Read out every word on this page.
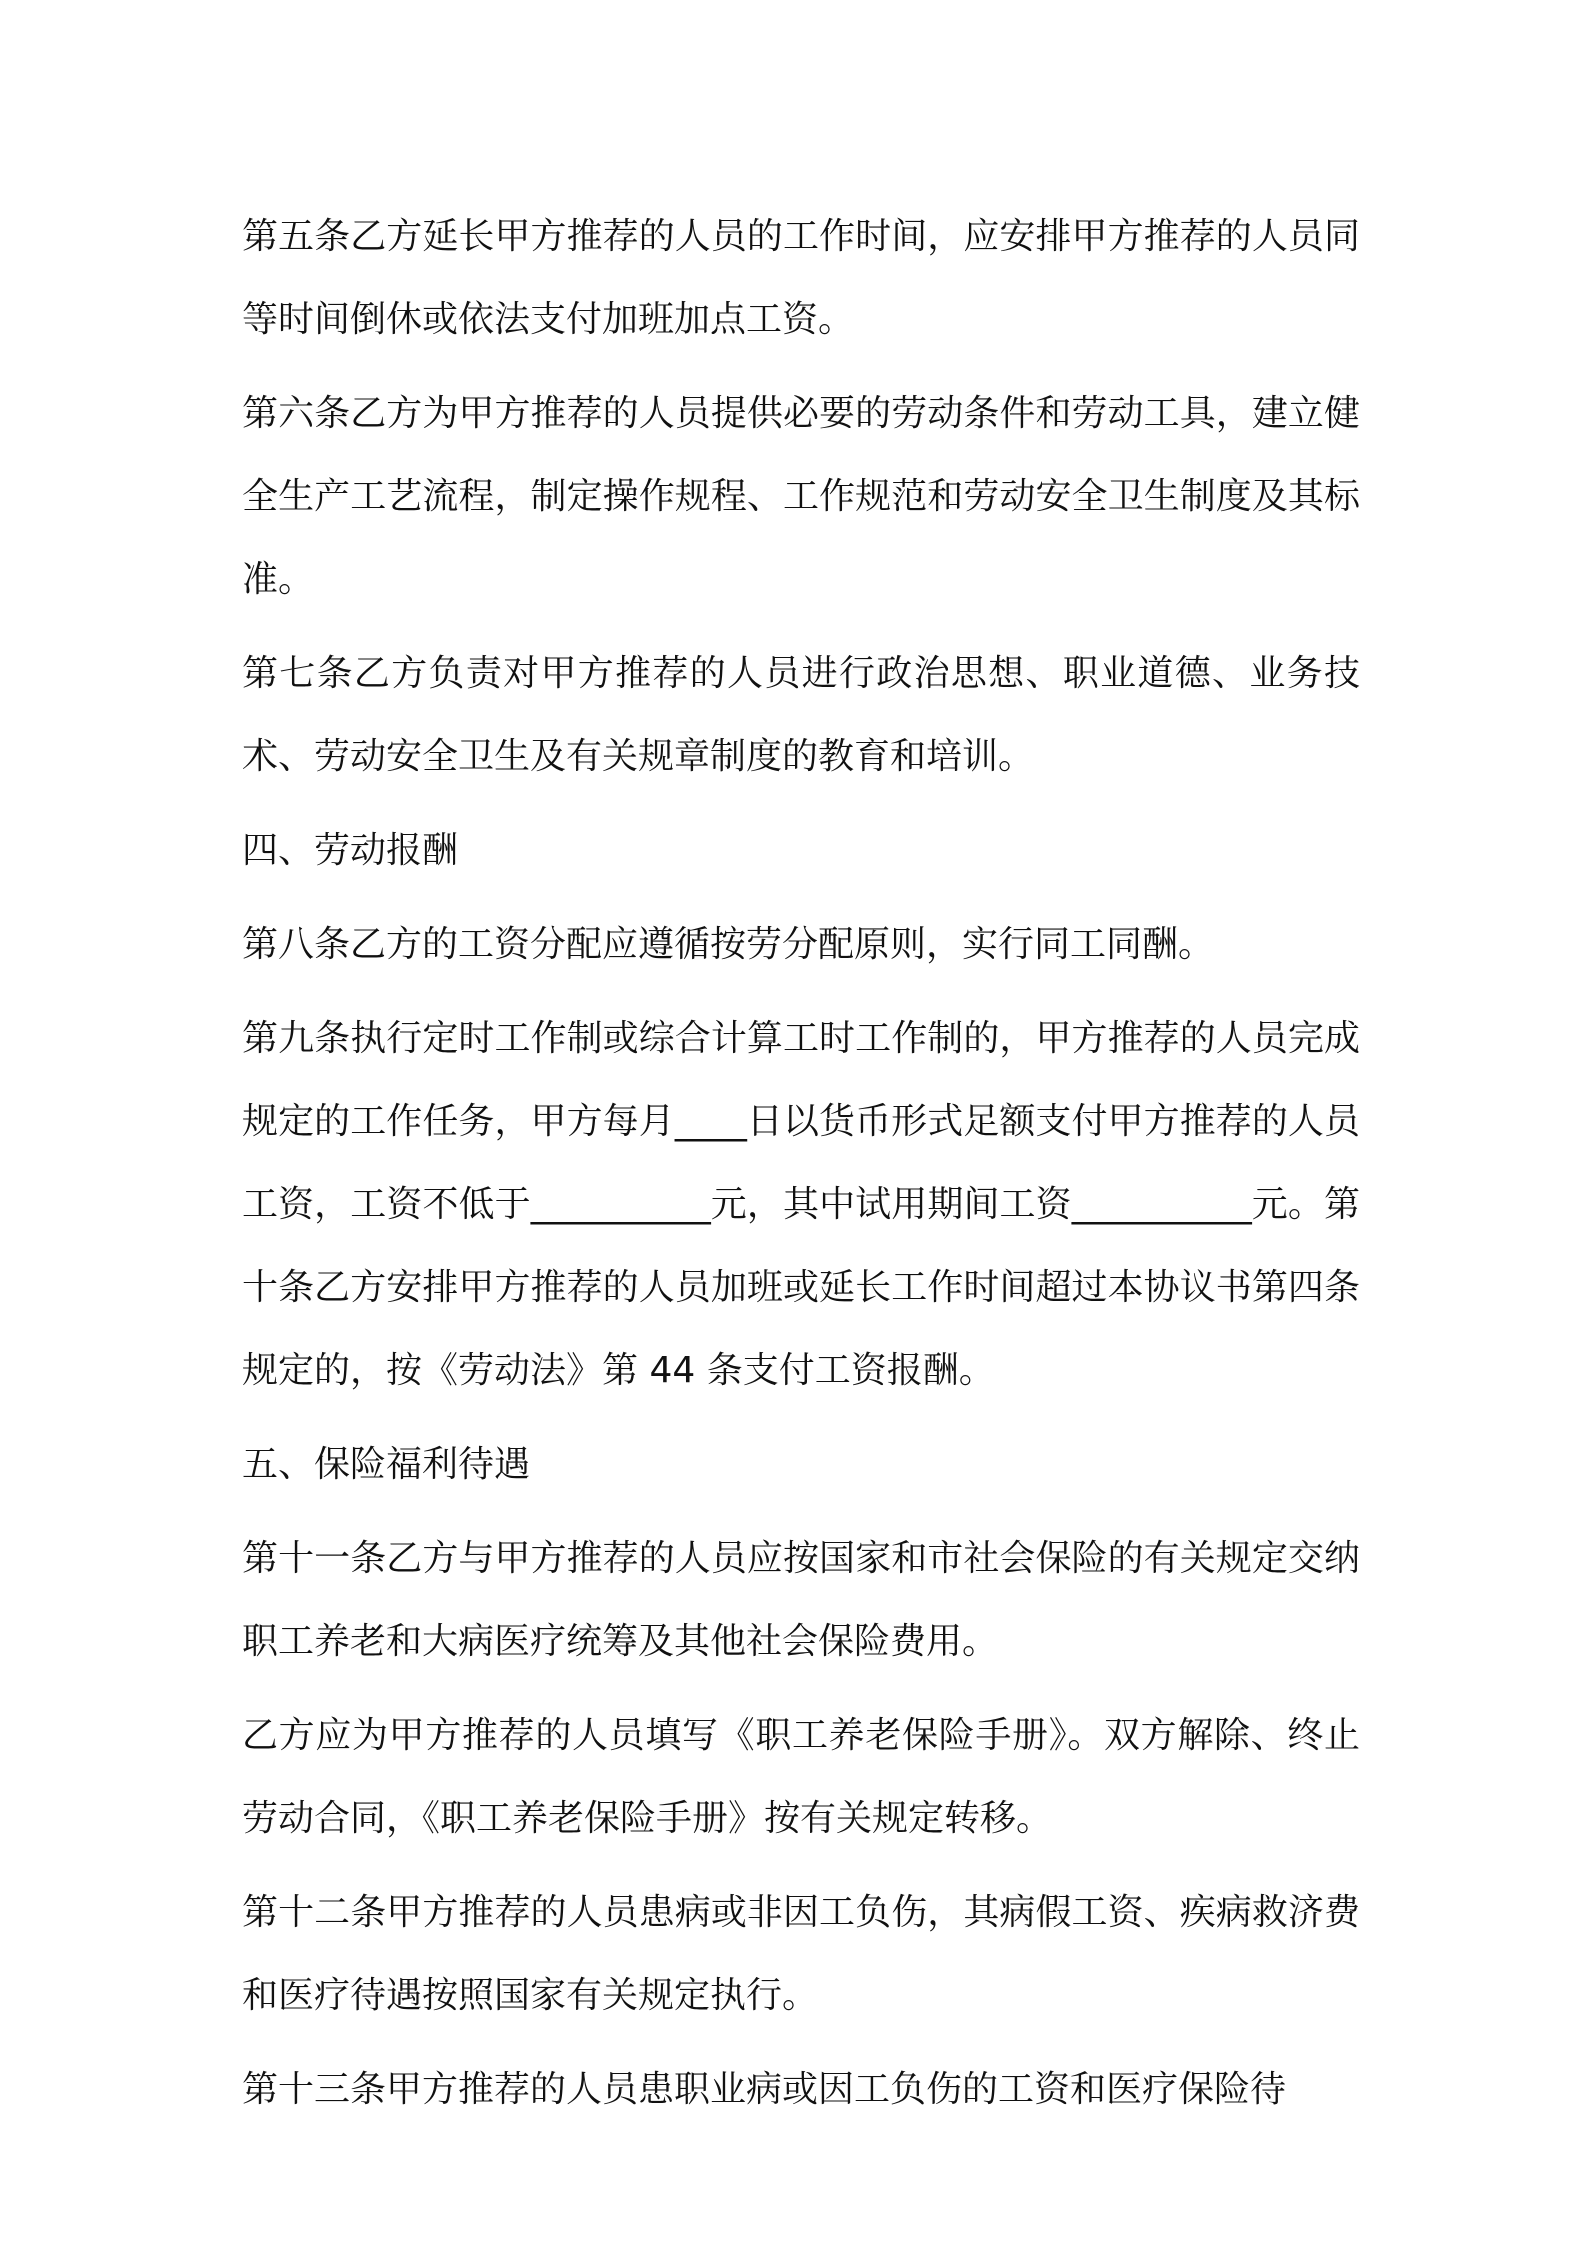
第五条乙方延长甲方推荐的人员的工作时间，应安排甲方推荐的人员同等时间倒休或依法支付加班加点工资。

第六条乙方为甲方推荐的人员提供必要的劳动条件和劳动工具，建立健全生产工艺流程，制定操作规程、工作规范和劳动安全卫生制度及其标准。

第七条乙方负责对甲方推荐的人员进行政治思想、职业道德、业务技术、劳动安全卫生及有关规章制度的教育和培训。

四、劳动报酬

第八条乙方的工资分配应遵循按劳分配原则，实行同工同酬。

第九条执行定时工作制或综合计算工时工作制的，甲方推荐的人员完成规定的工作任务，甲方每月____日以货币形式足额支付甲方推荐的人员工资，工资不低于__________元，其中试用期间工资__________元。第十条乙方安排甲方推荐的人员加班或延长工作时间超过本协议书第四条规定的，按《劳动法》第 44 条支付工资报酬。

五、保险福利待遇

第十一条乙方与甲方推荐的人员应按国家和市社会保险的有关规定交纳职工养老和大病医疗统筹及其他社会保险费用。

乙方应为甲方推荐的人员填写《职工养老保险手册》。双方解除、终止劳动合同，《职工养老保险手册》按有关规定转移。

第十二条甲方推荐的人员患病或非因工负伤，其病假工资、疾病救济费和医疗待遇按照国家有关规定执行。

第十三条甲方推荐的人员患职业病或因工负伤的工资和医疗保险待
